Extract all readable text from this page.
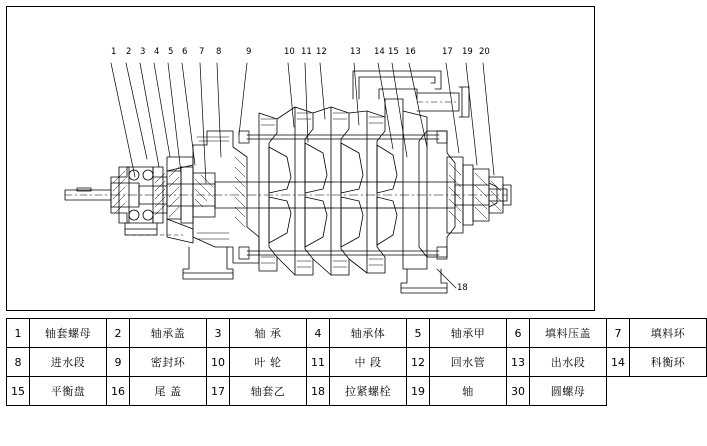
1 2 3 4 5 6 7 8	9	10 11 12	13 14 15 16	17 19 20
18
1	轴套螺母	2	轴承盖	3	轴 承	4	轴承体	5	轴承甲	6	填料压盖	7	填料环
8	进水段	9	密封环	10	叶 轮	11	中 段	12	回水管	13	出水段	14	科衡环
15	平衡盘	16	尾 盖	17	轴套乙	18	拉紧螺栓	19	轴	30	圆螺母		
